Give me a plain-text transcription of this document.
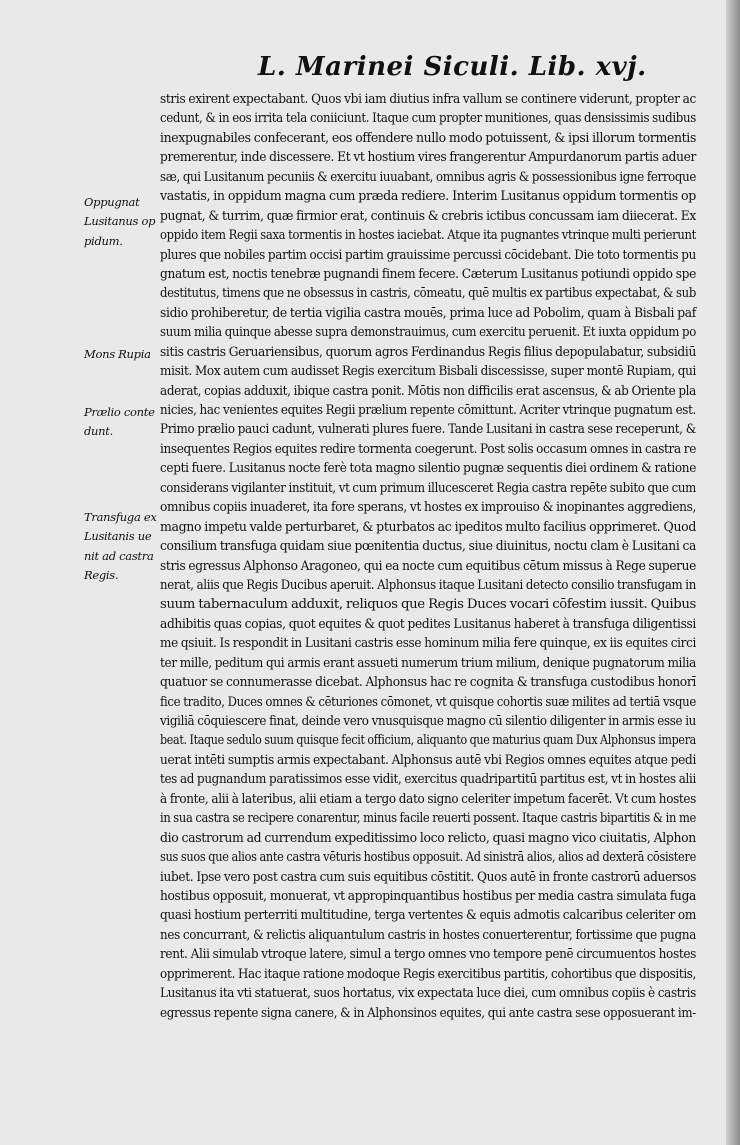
L. Marinei Siculi. Lib. xvj.
Oppugnat
Lusitanus op
pidum.
Mons Rupia
Prælio conte
dunt.
Transfuga ex
Lusitanis ue
nit ad castra
Regis.
stris exirent expectabant. Quos vbi iam diutius infra vallum se continere viderunt, propter ac
cedunt, & in eos irrita tela coniiciunt. Itaque cum propter munitiones, quas densissimis sudibus
inexpugnabiles confecerant, eos offendere nullo modo potuissent, & ipsi illorum tormentis
premerentur, inde discessere. Et vt hostium vires frangerentur Ampurdanorum partis aduer
sæ, qui Lusitanum pecuniis & exercitu iuuabant, omnibus agris & possessionibus igne ferroque
vastatis, in oppidum magna cum præda rediere. Interim Lusitanus oppidum tormentis op
pugnat, & turrim, quæ firmior erat, continuis & crebris ictibus concussam iam diiecerat. Ex
oppido item Regii saxa tormentis in hostes iaciebat. Atque ita pugnantes vtrinque multi perierunt
plures que nobiles partim occisi partim grauissime percussi cōcidebant. Die toto tormentis pu
gnatum est, noctis tenebræ pugnandi finem fecere. Cæterum Lusitanus potiundi oppido spe
destitutus, timens que ne obsessus in castris, cōmeatu, quē multis ex partibus expectabat, & sub
sidio prohiberetur, de tertia vigilia castra mouēs, prima luce ad Pobolim, quam à Bisbali paf
suum milia quinque abesse supra demonstrauimus, cum exercitu peruenit. Et iuxta oppidum po
sitis castris Geruariensibus, quorum agros Ferdinandus Regis filius depopulabatur, subsidiū
misit. Mox autem cum audisset Regis exercitum Bisbali discessisse, super montē Rupiam, qui
aderat, copias adduxit, ibique castra ponit. Mōtis non difficilis erat ascensus, & ab Oriente pla
nicies, hac venientes equites Regii prælium repente cōmittunt. Acriter vtrinque pugnatum est.
Primo prælio pauci cadunt, vulnerati plures fuere. Tande Lusitani in castra sese receperunt, &
insequentes Regios equites redire tormenta coegerunt. Post solis occasum omnes in castra re
cepti fuere. Lusitanus nocte ferè tota magno silentio pugnæ sequentis diei ordinem & ratione
considerans vigilanter instituit, vt cum primum illucesceret Regia castra repēte subito que cum
omnibus copiis inuaderet, ita fore sperans, vt hostes ex improuiso & inopinantes aggrediens,
magno impetu valde perturbaret, & pturbatos ac ipeditos multo facilius opprimeret. Quod
consilium transfuga quidam siue pœnitentia ductus, siue diuinitus, noctu clam è Lusitani ca
stris egressus Alphonso Aragoneo, qui ea nocte cum equitibus cētum missus à Rege superue
nerat, aliis que Regis Ducibus aperuit. Alphonsus itaque Lusitani detecto consilio transfugam in
suum tabernaculum adduxit, reliquos que Regis Duces vocari cōfestim iussit. Quibus
adhibitis quas copias, quot equites & quot pedites Lusitanus haberet à transfuga diligentissi
me qsiuit. Is respondit in Lusitani castris esse hominum milia fere quinque, ex iis equites circi
ter mille, peditum qui armis erant assueti numerum trium milium, denique pugnatorum milia
quatuor se connumerasse dicebat. Alphonsus hac re cognita & transfuga custodibus honorī
fice tradito, Duces omnes & cēturiones cōmonet, vt quisque cohortis suæ milites ad tertiā vsque
vigiliā cōquiescere finat, deinde vero vnusquisque magno cū silentio diligenter in armis esse iu
beat. Itaque sedulo suum quisque fecit officium, aliquanto que maturius quam Dux Alphonsus impera
uerat intēti sumptis armis expectabant. Alphonsus autē vbi Regios omnes equites atque pedi
tes ad pugnandum paratissimos esse vidit, exercitus quadripartitū partitus est, vt in hostes alii
à fronte, alii à lateribus, alii etiam a tergo dato signo celeriter impetum facerēt. Vt cum hostes
in sua castra se recipere conarentur, minus facile reuerti possent. Itaque castris bipartitis & in me
dio castrorum ad currendum expeditissimo loco relicto, quasi magno vico ciuitatis, Alphon
sus suos que alios ante castra vēturis hostibus opposuit. Ad sinistrā alios, alios ad dexterā cōsistere
iubet. Ipse vero post castra cum suis equitibus cōstitit. Quos autē in fronte castrorū aduersos
hostibus opposuit, monuerat, vt appropinquantibus hostibus per media castra simulata fuga
quasi hostium perterriti multitudine, terga vertentes & equis admotis calcaribus celeriter om
nes concurrant, & relictis aliquantulum castris in hostes conuerterentur, fortissime que pugna
rent. Alii simulab vtroque latere, simul a tergo omnes vno tempore penē circumuentos hostes
opprimerent. Hac itaque ratione modoque Regis exercitibus partitis, cohortibus que dispositis,
Lusitanus ita vti statuerat, suos hortatus, vix expectata luce diei, cum omnibus copiis è castris
egressus repente signa canere, & in Alphonsinos equites, qui ante castra sese opposuerant im-
